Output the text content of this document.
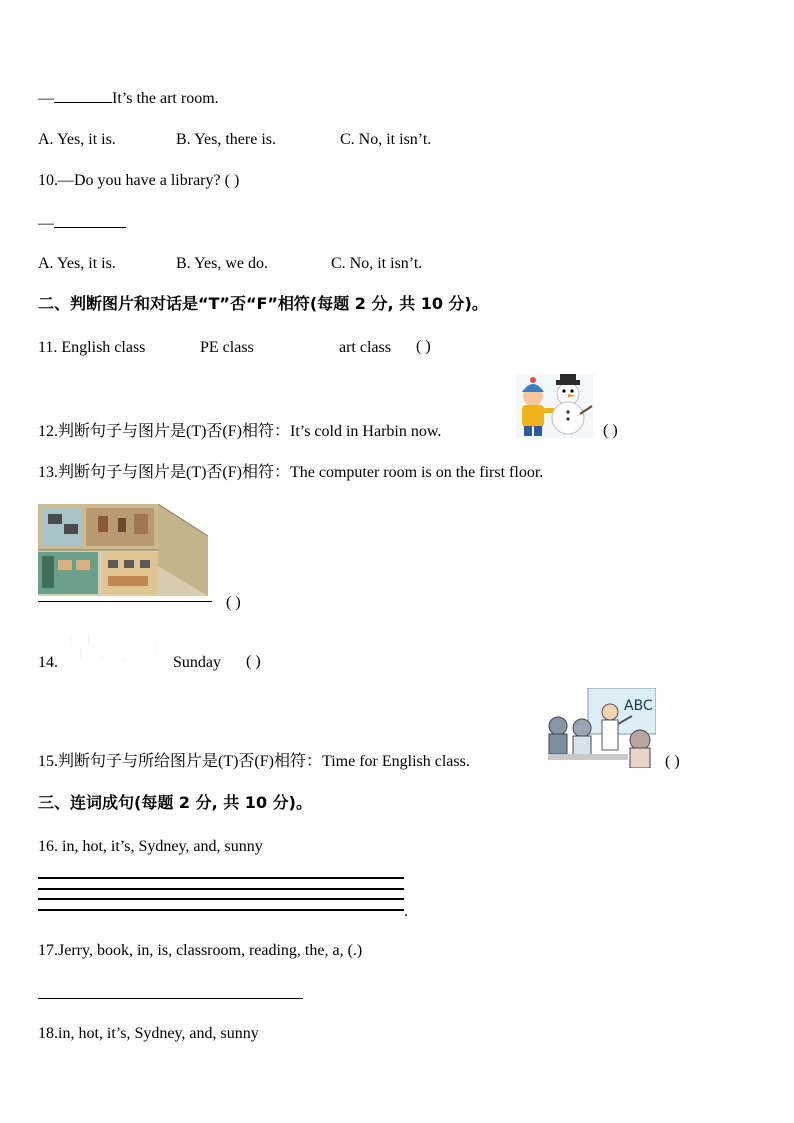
—	It’s the art room.
A. Yes, it is.	B. Yes, there is.	C. No, it isn’t.
10.—Do you have a library? ( )
—
A. Yes, it is.	B. Yes, we do.	C. No, it isn’t.
二、判断图片和对话是“T”否“F”相符(每题 2 分, 共 10 分)。
11. English class	PE class	art class ( )
12.判断句子与图片是(T)否(F)相符：It’s cold in Harbin now.	( )
13.判断句子与图片是(T)否(F)相符：The computer room is on the first floor.
( )
14. 星期四 Sunday ( )
15.判断句子与所给图片是(T)否(F)相符：Time for English class.
ABC
( )
三、连词成句(每题 2 分, 共 10 分)。
16. in, hot, it’s, Sydney, and, sunny
.
17.Jerry, book, in, is, classroom, reading, the, a, (.)
18.in, hot, it’s, Sydney, and, sunny
